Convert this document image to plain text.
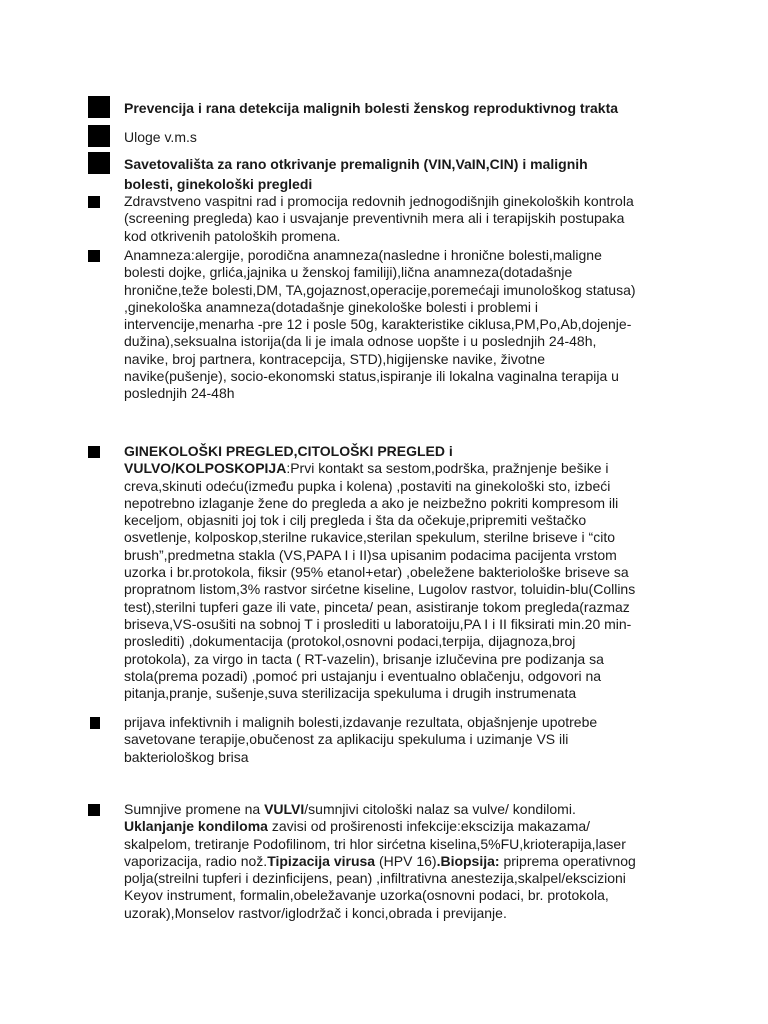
Prevencija i rana detekcija malignih bolesti ženskog reproduktivnog trakta
Uloge v.m.s
Savetovališta za rano otkrivanje premalignih (VIN,VaIN,CIN) i malignih
bolesti, ginekološki pregledi
Zdravstveno vaspitni rad i promocija redovnih jednogodišnjih ginekoloških kontrola
(screening pregleda) kao i usvajanje preventivnih mera ali i terapijskih postupaka
kod otkrivenih patoloških promena.
Anamneza:alergije, porodična anamneza(nasledne i hronične bolesti,maligne
bolesti dojke, grlića,jajnika u ženskoj familiji),lična anamneza(dotadašnje
hronične,teže bolesti,DM, TA,gojaznost,operacije,poremećaji imunološkog statusa)
,ginekološka anamneza(dotadašnje ginekološke bolesti i problemi i
intervencije,menarha -pre 12 i posle 50g, karakteristike ciklusa,PM,Po,Ab,dojenje-
dužina),seksualna istorija(da li je imala odnose uopšte i u poslednjih 24-48h,
navike, broj partnera, kontracepcija, STD),higijenske navike, životne
navike(pušenje), socio-ekonomski status,ispiranje ili lokalna vaginalna terapija u
poslednjih 24-48h
GINEKOLOŠKI PREGLED,CITOLOŠKI PREGLED i
VULVO/KOLPOSKOPIJA:Prvi kontakt sa sestom,podrška, pražnjenje bešike i
creva,skinuti odeću(između pupka i kolena) ,postaviti na ginekološki sto, izbeći
nepotrebno izlaganje žene do pregleda a ako je neizbežno pokriti kompresom ili
keceljom, objasniti joj tok i cilj pregleda i šta da očekuje,pripremiti veštačko
osvetlenje, kolposkop,sterilne rukavice,sterilan spekulum, sterilne briseve i “cito
brush”,predmetna stakla (VS,PAPA I i II)sa upisanim podacima pacijenta vrstom
uzorka i br.protokola, fiksir (95% etanol+etar) ,obeležene bakteriološke briseve sa
propratnom listom,3% rastvor sirćetne kiseline, Lugolov rastvor, toluidin-blu(Collins
test),sterilni tupferi gaze ili vate, pinceta/ pean, asistiranje tokom pregleda(razmaz
briseva,VS-osušiti na sobnoj T i proslediti u laboratoiju,PA I i II fiksirati min.20 min-
proslediti) ,dokumentacija (protokol,osnovni podaci,terpija, dijagnoza,broj
protokola), za virgo in tacta ( RT-vazelin), brisanje izlučevina pre podizanja sa
stola(prema pozadi) ,pomoć pri ustajanju i eventualno oblačenju, odgovori na
pitanja,pranje, sušenje,suva sterilizacija spekuluma i drugih instrumenata
prijava infektivnih i malignih bolesti,izdavanje rezultata, objašnjenje upotrebe
savetovane terapije,obučenost za aplikaciju spekuluma i uzimanje VS ili
bakteriološkog brisa
Sumnjive promene na VULVI/sumnjivi citološki nalaz sa vulve/ kondilomi.
Uklanjanje kondiloma zavisi od proširenosti infekcije:ekscizija makazama/
skalpelom, tretiranje Podofilinom, tri hlor sirćetna kiselina,5%FU,krioterapija,laser
vaporizacija, radio nož.Tipizacija virusa (HPV 16).Biopsija: priprema operativnog
polja(streilni tupferi i dezinficijens, pean) ,infiltrativna anestezija,skalpel/ekscizioni
Keyov instrument, formalin,obeležavanje uzorka(osnovni podaci, br. protokola,
uzorak),Monselov rastvor/iglodržač i konci,obrada i previjanje.
